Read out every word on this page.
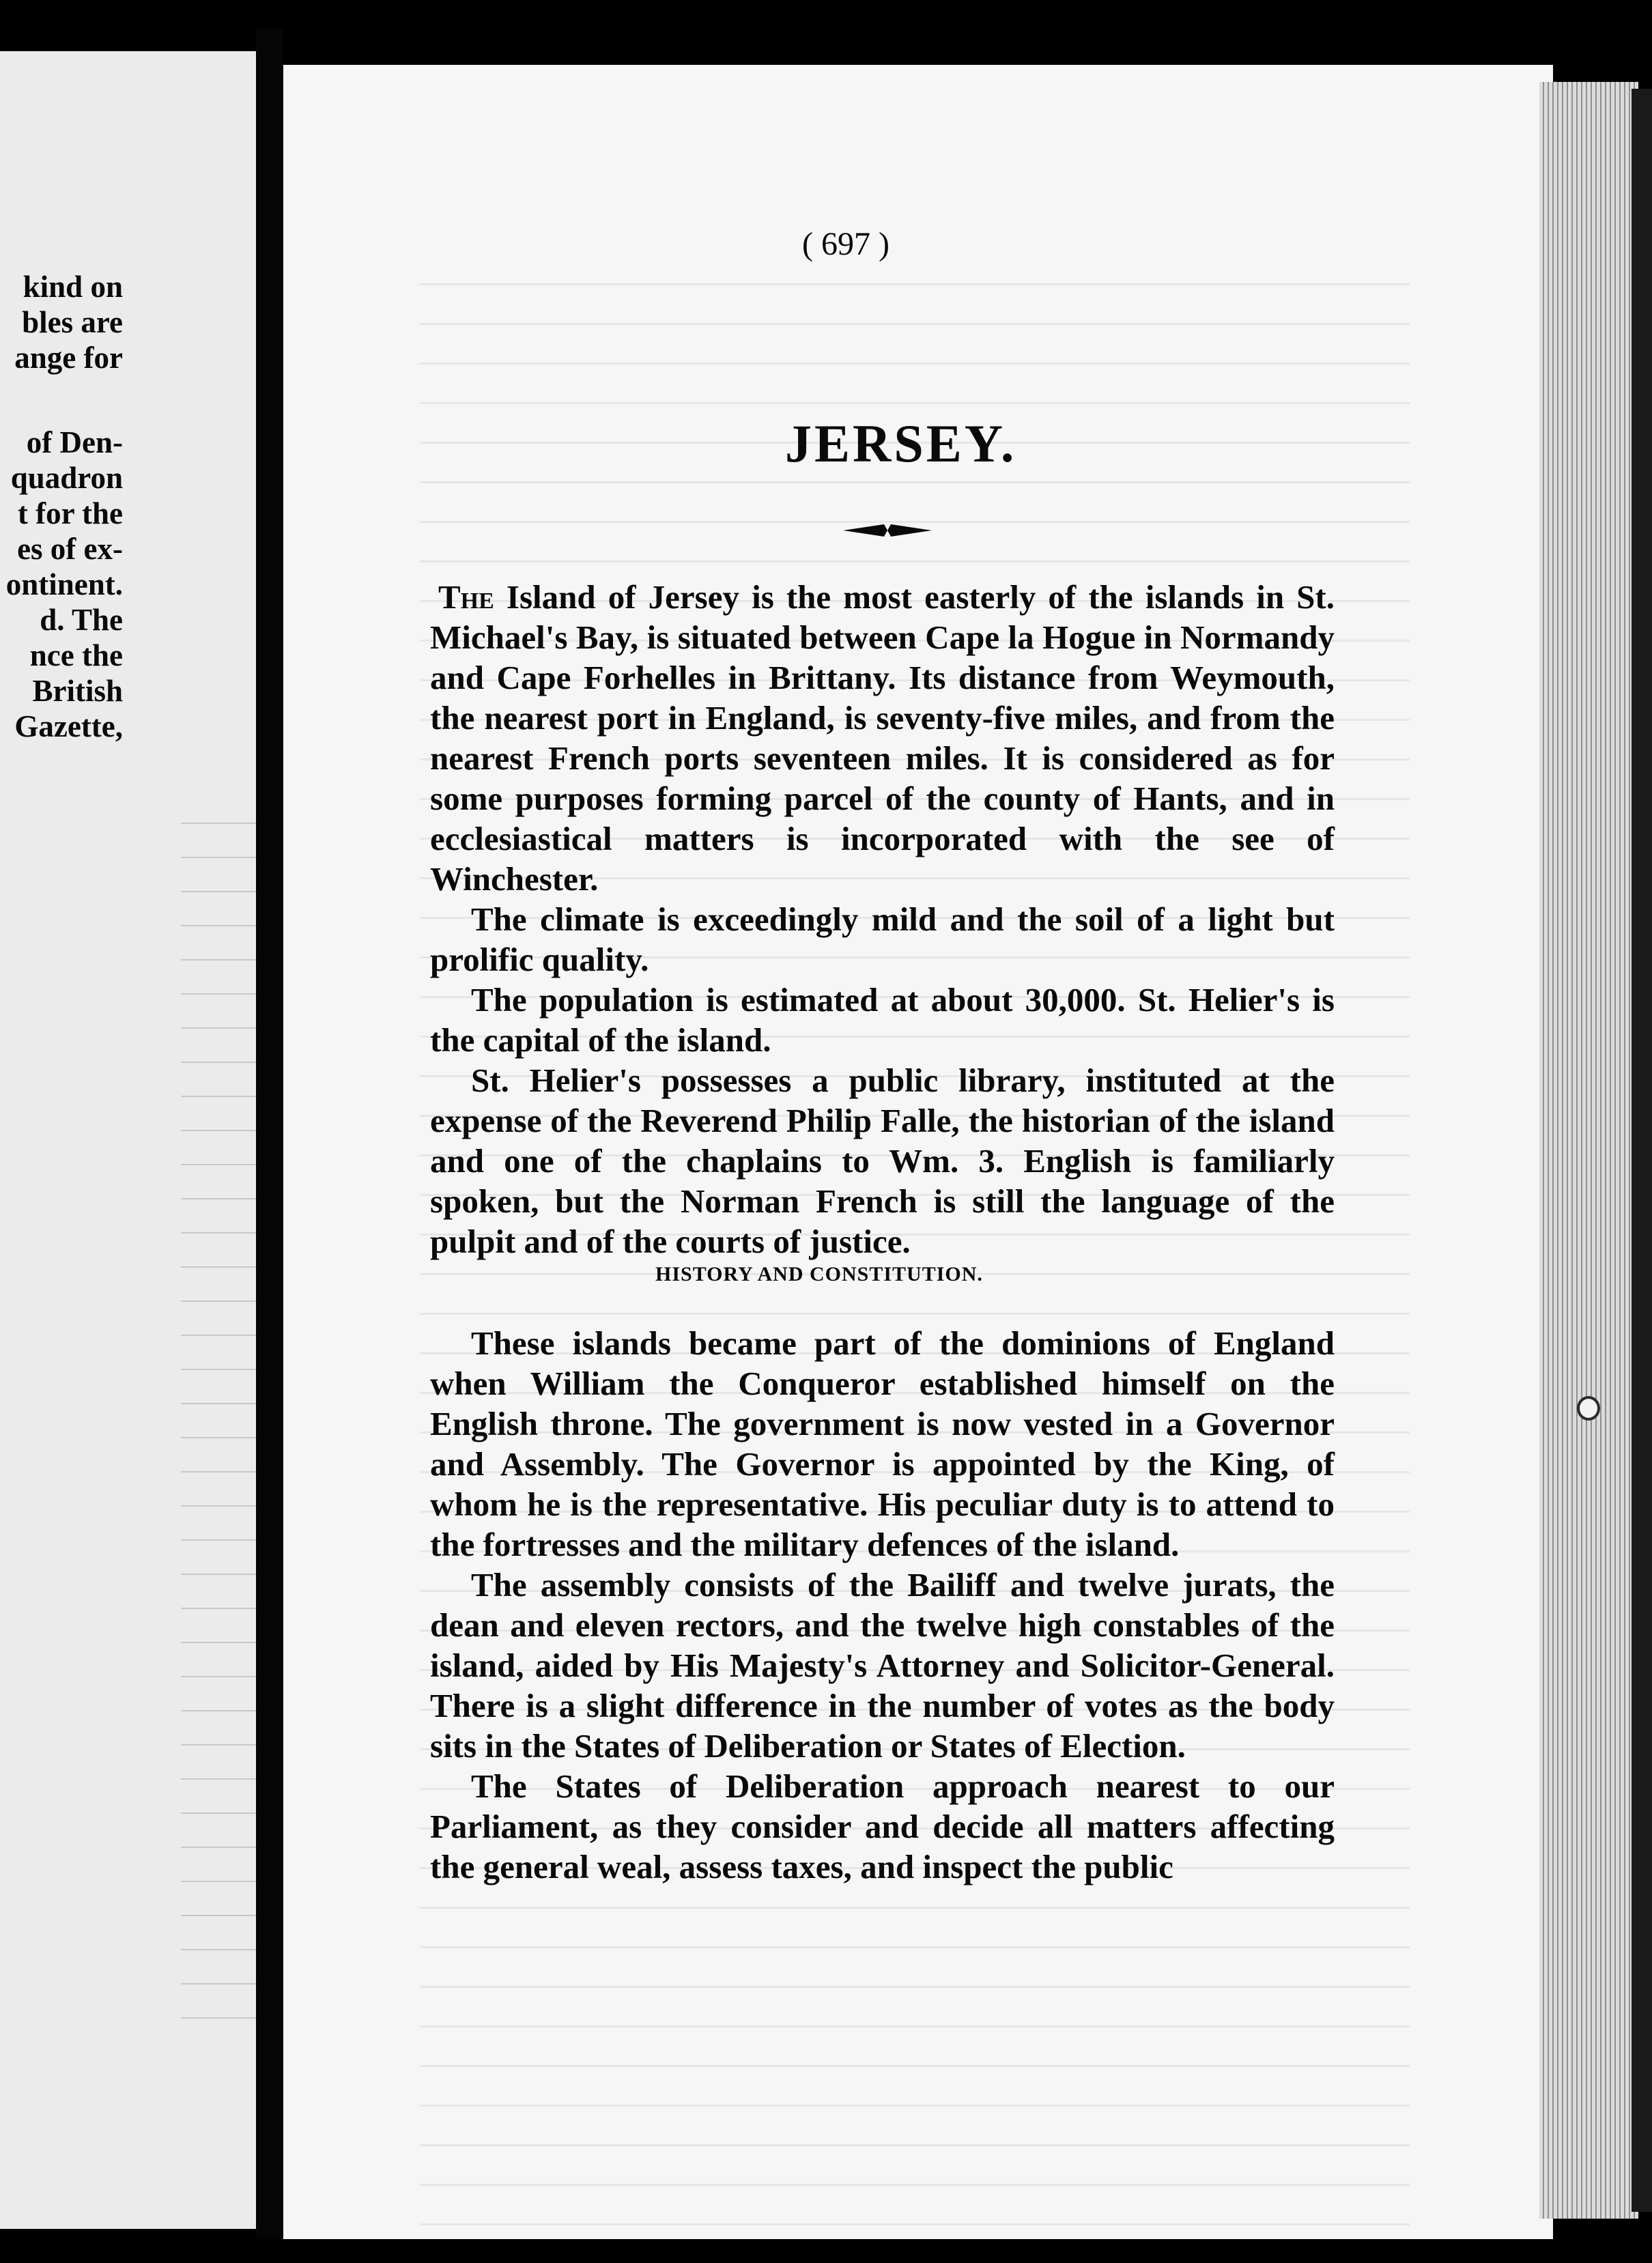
kind on
bles are
ange for
of Den-
quadron
t for the
es of ex-
ontinent.
d. The
nce the
British
Gazette,
( 697 )
JERSEY.

The Island of Jersey is the most easterly of the islands in St. Michael's Bay, is situated between Cape la Hogue in Normandy and Cape Forhelles in Brittany. Its distance from Weymouth, the nearest port in England, is seventy-five miles, and from the nearest French ports seventeen miles. It is considered as for some purposes forming parcel of the county of Hants, and in ecclesiastical matters is incorporated with the see of Winchester.

The climate is exceedingly mild and the soil of a light but prolific quality.

The population is estimated at about 30,000. St. Helier's is the capital of the island.

St. Helier's possesses a public library, instituted at the expense of the Reverend Philip Falle, the historian of the island and one of the chaplains to Wm. 3. English is familiarly spoken, but the Norman French is still the language of the pulpit and of the courts of justice.

HISTORY AND CONSTITUTION.

These islands became part of the dominions of England when William the Conqueror established himself on the English throne. The government is now vested in a Governor and Assembly. The Governor is appointed by the King, of whom he is the representative. His peculiar duty is to attend to the fortresses and the military defences of the island.

The assembly consists of the Bailiff and twelve jurats, the dean and eleven rectors, and the twelve high constables of the island, aided by His Majesty's Attorney and Solicitor-General. There is a slight difference in the number of votes as the body sits in the States of Deliberation or States of Election.

The States of Deliberation approach nearest to our Parliament, as they consider and decide all matters affecting the general weal, assess taxes, and inspect the public
